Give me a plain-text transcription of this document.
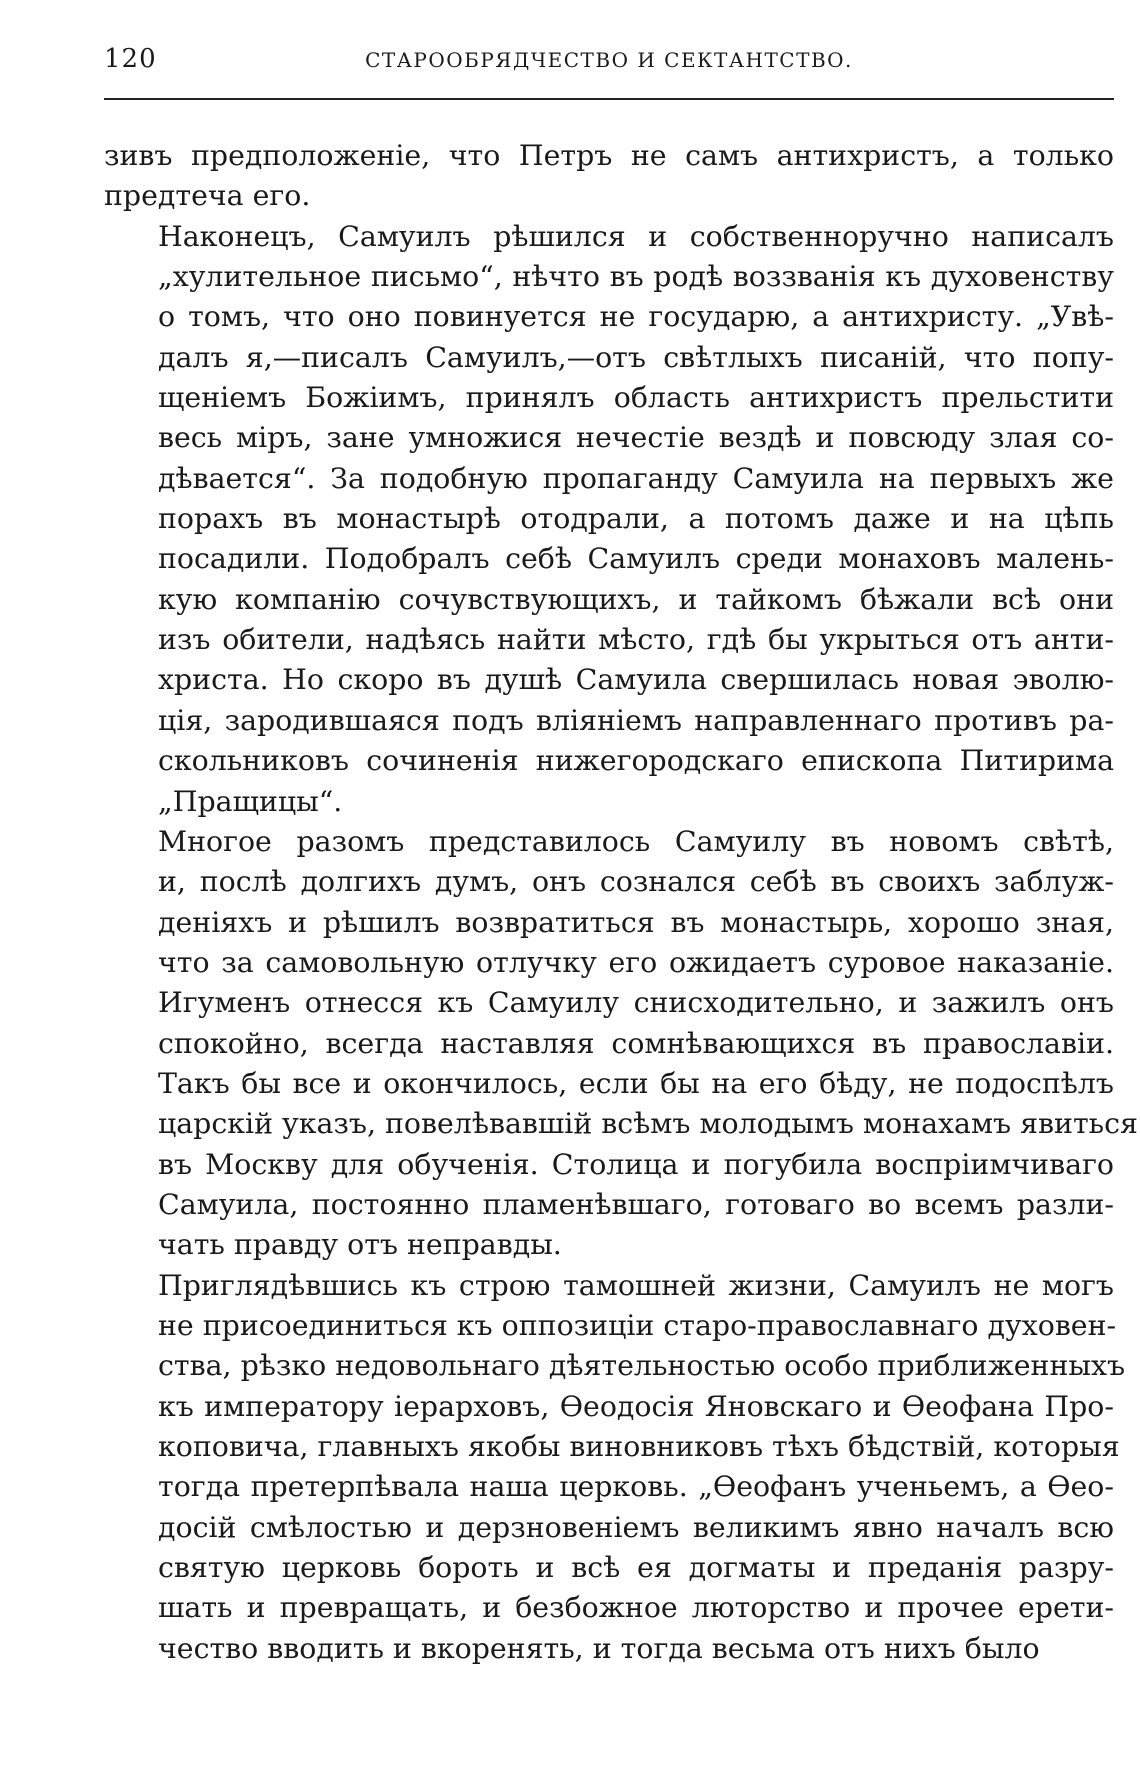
120	СТАРООБРЯДЧЕСТВО И СЕКТАНТСТВО.
зивъ предположеніе, что Петръ не самъ антихристъ, а только
предтеча его.
Наконецъ, Самуилъ рѣшился и собственноручно написалъ
„хулительное письмо“, нѣчто въ родѣ воззванія къ духовенству
о томъ, что оно повинуется не государю, а антихристу. „Увѣ-
далъ я,—писалъ Самуилъ,—отъ свѣтлыхъ писаній, что попу-
щеніемъ Божіимъ, принялъ область антихристъ прельстити
весь міръ, зане умножися нечестіе вездѣ и повсюду злая со-
дѣвается“. За подобную пропаганду Самуила на первыхъ же
порахъ въ монастырѣ отодрали, а потомъ даже и на цѣпь
посадили. Подобралъ себѣ Самуилъ среди монаховъ малень-
кую компанію сочувствующихъ, и тайкомъ бѣжали всѣ они
изъ обители, надѣясь найти мѣсто, гдѣ бы укрыться отъ анти-
христа. Но скоро въ душѣ Самуила свершилась новая эволю-
ція, зародившаяся подъ вліяніемъ направленнаго противъ ра-
скольниковъ сочиненія нижегородскаго епископа Питирима
„Пращицы“.
Многое разомъ представилось Самуилу въ новомъ свѣтѣ,
и, послѣ долгихъ думъ, онъ сознался себѣ въ своихъ заблуж-
деніяхъ и рѣшилъ возвратиться въ монастырь, хорошо зная,
что за самовольную отлучку его ожидаетъ суровое наказаніе.
Игуменъ отнесся къ Самуилу снисходительно, и зажилъ онъ
спокойно, всегда наставляя сомнѣвающихся въ православіи.
Такъ бы все и окончилось, если бы на его бѣду, не подоспѣлъ
царскій указъ, повелѣвавшій всѣмъ молодымъ монахамъ явиться
въ Москву для обученія. Столица и погубила воспріимчиваго
Самуила, постоянно пламенѣвшаго, готоваго во всемъ разли-
чать правду отъ неправды.
Приглядѣвшись къ строю тамошней жизни, Самуилъ не могъ
не присоединиться къ оппозиціи старо-православнаго духовен-
ства, рѣзко недовольнаго дѣятельностью особо приближенныхъ
къ императору іерарховъ, Ѳеодосія Яновскаго и Ѳеофана Про-
коповича, главныхъ якобы виновниковъ тѣхъ бѣдствій, которыя
тогда претерпѣвала наша церковь. „Ѳеофанъ ученьемъ, а Ѳео-
досій смѣлостью и дерзновеніемъ великимъ явно началъ всю
святую церковь бороть и всѣ ея догматы и преданія разру-
шать и превращать, и безбожное люторство и прочее ерети-
чество вводить и вкоренять, и тогда весьма отъ нихъ было
